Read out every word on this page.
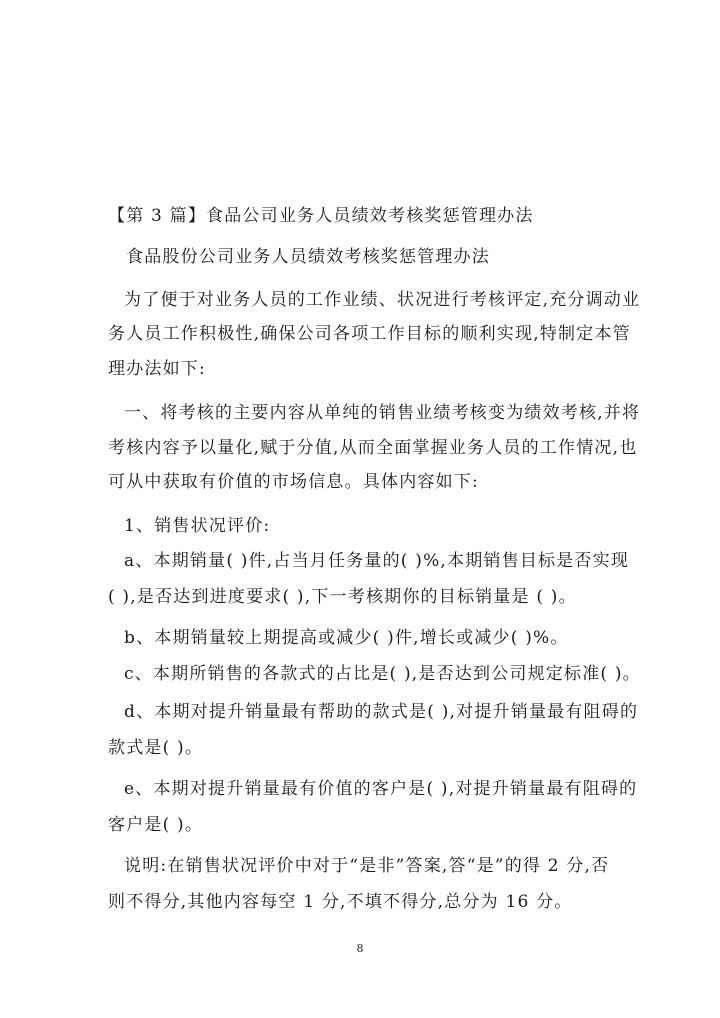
【第 3 篇】食品公司业务人员绩效考核奖惩管理办法
食品股份公司业务人员绩效考核奖惩管理办法
为了便于对业务人员的工作业绩、状况进行考核评定,充分调动业
务人员工作积极性,确保公司各项工作目标的顺利实现,特制定本管
理办法如下:
一、将考核的主要内容从单纯的销售业绩考核变为绩效考核,并将
考核内容予以量化,赋于分值,从而全面掌握业务人员的工作情况,也
可从中获取有价值的市场信息。具体内容如下:
1、销售状况评价:
a、本期销量( )件,占当月任务量的( )%,本期销售目标是否实现
( ),是否达到进度要求( ),下一考核期你的目标销量是 ( )。
b、本期销量较上期提高或减少( )件,增长或减少( )%。
c、本期所销售的各款式的占比是( ),是否达到公司规定标准( )。
d、本期对提升销量最有帮助的款式是( ),对提升销量最有阻碍的
款式是( )。
e、本期对提升销量最有价值的客户是( ),对提升销量最有阻碍的
客户是( )。
说明:在销售状况评价中对于“是非”答案,答“是”的得 2 分,否
则不得分,其他内容每空 1 分,不填不得分,总分为 16 分。
8
